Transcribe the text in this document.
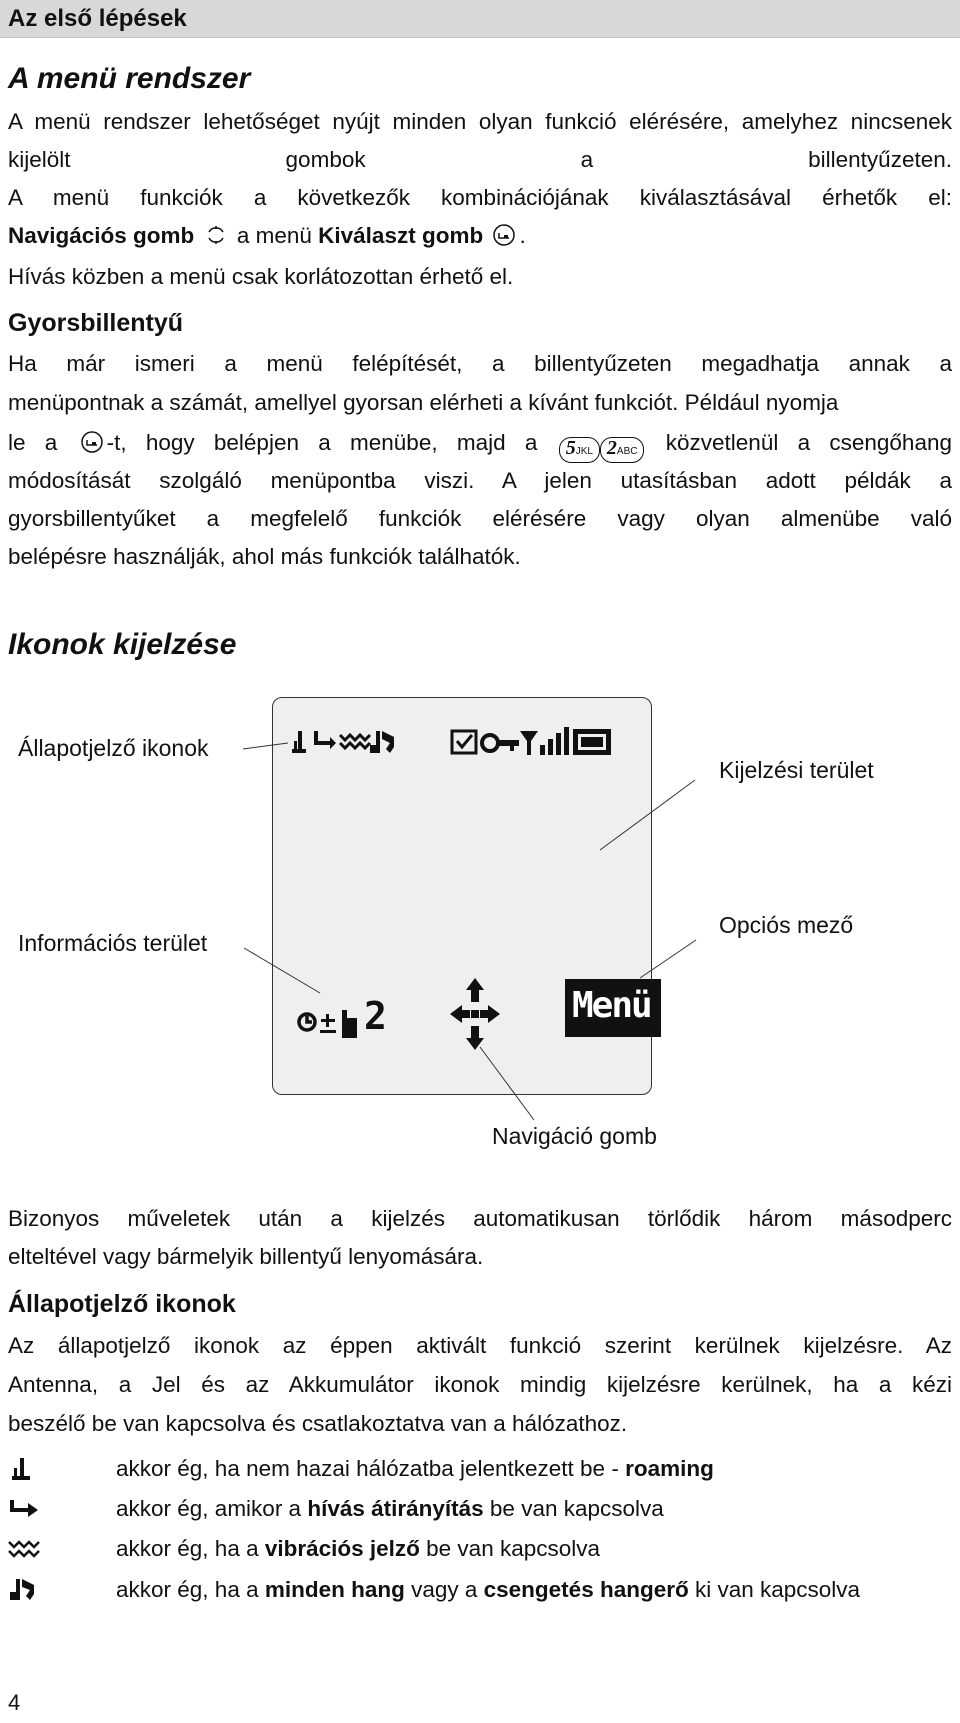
Az első lépések
A menü rendszer

A menü rendszer lehetőséget nyújt minden olyan funkció elérésére, amelyhez nincsenek kijelölt gombok a billentyűzeten.

A menü funkciók a következők kombinációjának kiválasztásával érhetők el:

Navigációs gomb a menü Kiválaszt gomb .

Hívás közben a menü csak korlátozottan érhető el.

Gyorsbillentyű

Ha már ismeri a menü felépítését, a billentyűzeten megadhatja annak a

menüpontnak a számát, amellyel gyorsan elérheti a kívánt funkciót. Például nyomja

le a -t, hogy belépjen a menübe, majd a 5JKL 2ABC közvetlenül a csengőhang

módosítását szolgáló menüpontba viszi. A jelen utasításban adott példák a

gyorsbillentyűket a megfelelő funkciók elérésére vagy olyan almenübe való

belépésre használják, ahol más funkciók találhatók.

Ikonok kijelzése
2	Menü
Állapotjelző ikonok
Kijelzési terület
Információs terület
Opciós mező
Navigáció gomb

Bizonyos műveletek után a kijelzés automatikusan törlődik három másodperc

elteltével vagy bármelyik billentyű lenyomására.

Állapotjelző ikonok

Az állapotjelző ikonok az éppen aktivált funkció szerint kerülnek kijelzésre. Az

Antenna, a Jel és az Akkumulátor ikonok mindig kijelzésre kerülnek, ha a kézi

beszélő be van kapcsolva és csatlakoztatva van a hálózathoz.

akkor ég, ha nem hazai hálózatba jelentkezett be - roaming
akkor ég, amikor a hívás átirányítás be van kapcsolva
akkor ég, ha a vibrációs jelző be van kapcsolva
akkor ég, ha a minden hang vagy a csengetés hangerő ki van kapcsolva
4
